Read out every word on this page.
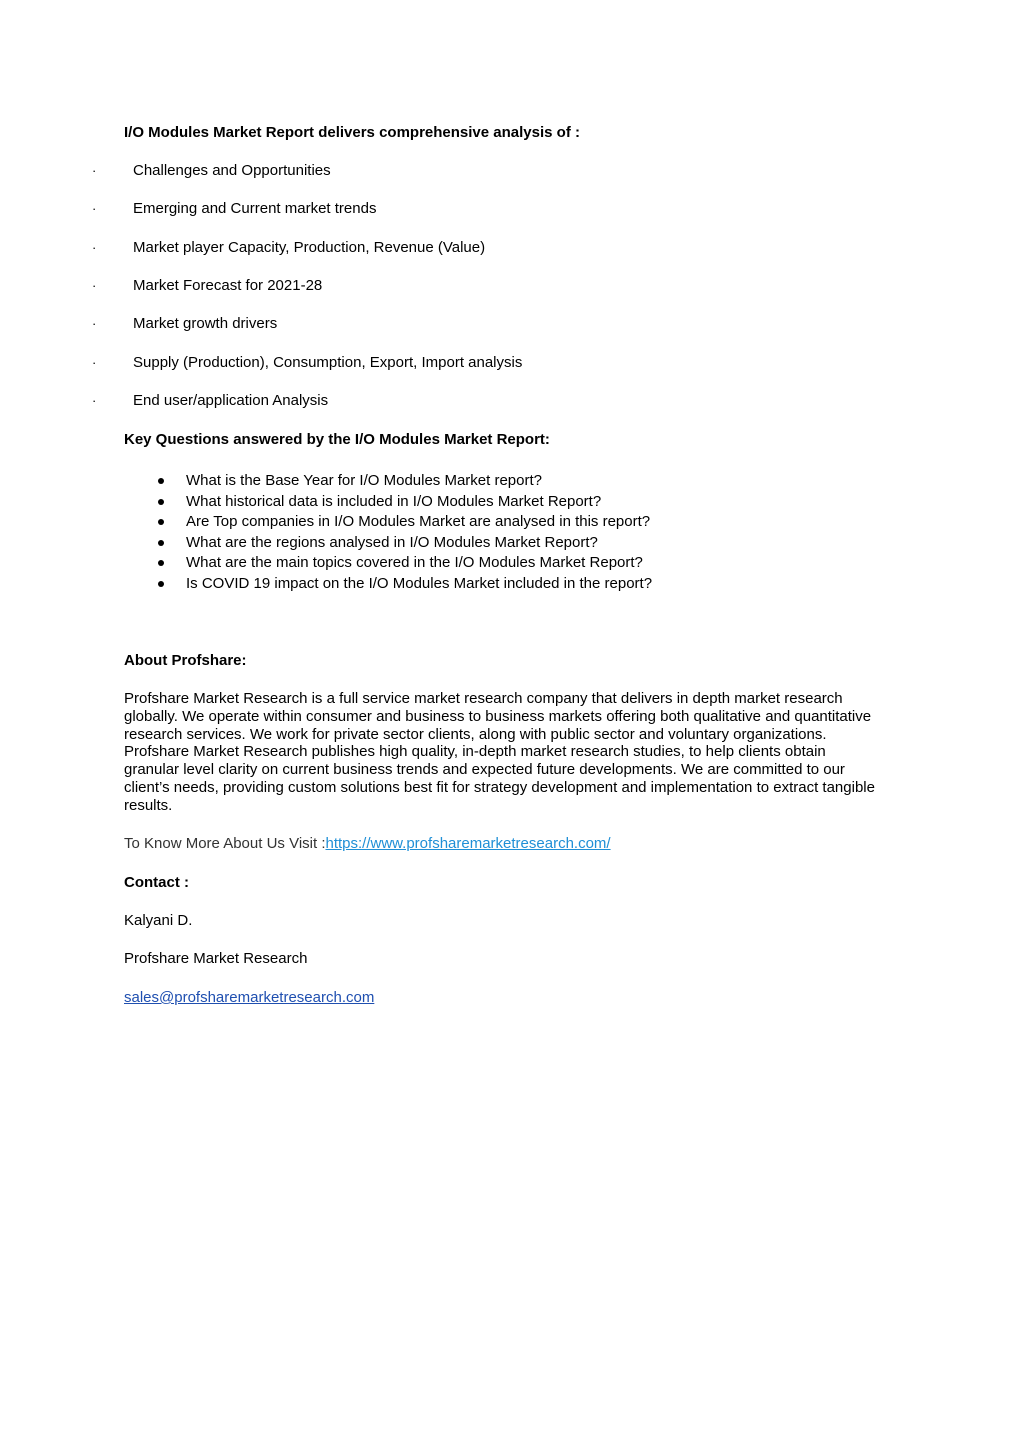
I/O Modules Market Report delivers comprehensive analysis of :
· Challenges and Opportunities
· Emerging and Current market trends
· Market player Capacity, Production, Revenue (Value)
· Market Forecast for 2021-28
· Market growth drivers
· Supply (Production), Consumption, Export, Import analysis
· End user/application Analysis
Key Questions answered by the I/O Modules Market Report:
What is the Base Year for I/O Modules Market report?
What historical data is included in I/O Modules Market Report?
Are Top companies in I/O Modules Market are analysed in this report?
What are the regions analysed in I/O Modules Market Report?
What are the main topics covered in the I/O Modules Market Report?
Is COVID 19 impact on the I/O Modules Market included in the report?
About Profshare:
Profshare Market Research is a full service market research company that delivers in depth market research
globally. We operate within consumer and business to business markets offering both qualitative and quantitative
research services. We work for private sector clients, along with public sector and voluntary organizations.
Profshare Market Research publishes high quality, in-depth market research studies, to help clients obtain
granular level clarity on current business trends and expected future developments. We are committed to our
client’s needs, providing custom solutions best fit for strategy development and implementation to extract tangible
results.
To Know More About Us Visit :https://www.profsharemarketresearch.com/
Contact :
Kalyani D.
Profshare Market Research
sales@profsharemarketresearch.com
